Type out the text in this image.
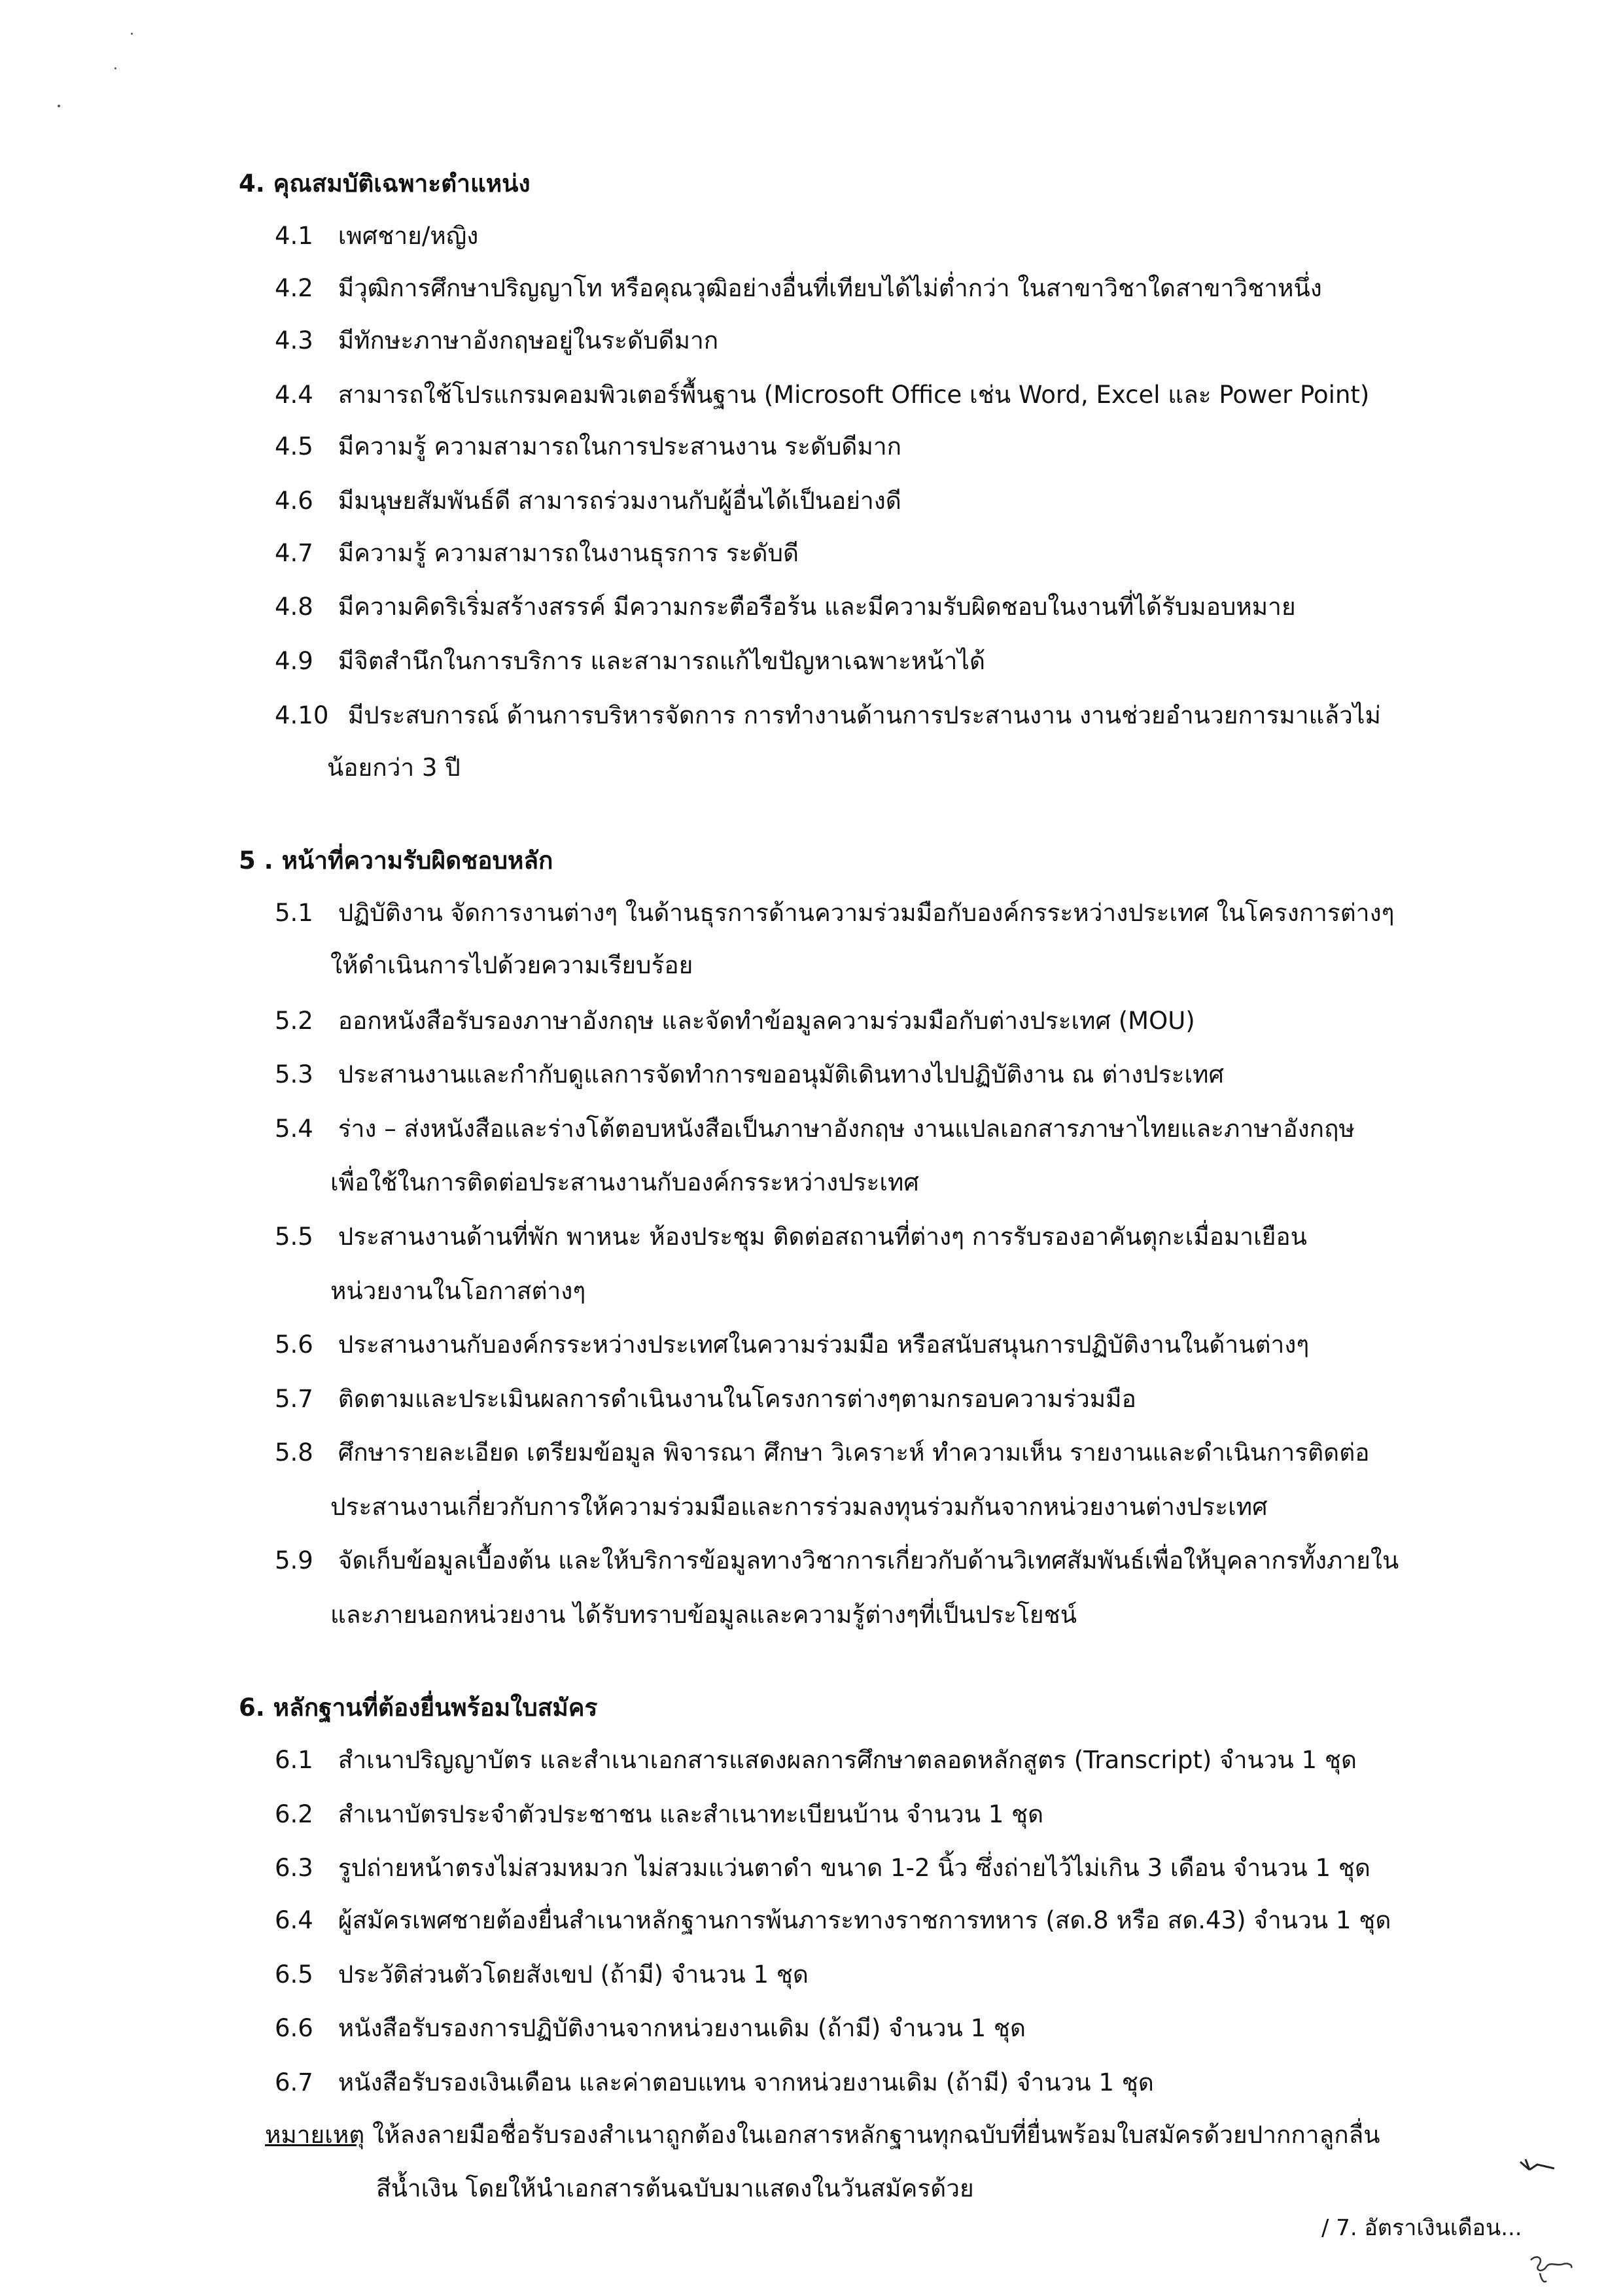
4. คุณสมบัติเฉพาะตำแหน่ง
4.1 เพศชาย/หญิง
4.2 มีวุฒิการศึกษาปริญญาโท หรือคุณวุฒิอย่างอื่นที่เทียบได้ไม่ต่ำกว่า ในสาขาวิชาใดสาขาวิชาหนึ่ง
4.3 มีทักษะภาษาอังกฤษอยู่ในระดับดีมาก
4.4 สามารถใช้โปรแกรมคอมพิวเตอร์พื้นฐาน (Microsoft Office เช่น Word, Excel และ Power Point)
4.5 มีความรู้ ความสามารถในการประสานงาน ระดับดีมาก
4.6 มีมนุษยสัมพันธ์ดี สามารถร่วมงานกับผู้อื่นได้เป็นอย่างดี
4.7 มีความรู้ ความสามารถในงานธุรการ ระดับดี
4.8 มีความคิดริเริ่มสร้างสรรค์ มีความกระตือรือร้น และมีความรับผิดชอบในงานที่ได้รับมอบหมาย
4.9 มีจิตสำนึกในการบริการ และสามารถแก้ไขปัญหาเฉพาะหน้าได้
4.10 มีประสบการณ์ ด้านการบริหารจัดการ การทำงานด้านการประสานงาน งานช่วยอำนวยการมาแล้วไม่
น้อยกว่า 3 ปี
5 . หน้าที่ความรับผิดชอบหลัก
5.1 ปฏิบัติงาน จัดการงานต่างๆ ในด้านธุรการด้านความร่วมมือกับองค์กรระหว่างประเทศ ในโครงการต่างๆ
ให้ดำเนินการไปด้วยความเรียบร้อย
5.2 ออกหนังสือรับรองภาษาอังกฤษ และจัดทำข้อมูลความร่วมมือกับต่างประเทศ (MOU)
5.3 ประสานงานและกำกับดูแลการจัดทำการขออนุมัติเดินทางไปปฏิบัติงาน ณ ต่างประเทศ
5.4 ร่าง – ส่งหนังสือและร่างโต้ตอบหนังสือเป็นภาษาอังกฤษ งานแปลเอกสารภาษาไทยและภาษาอังกฤษ
เพื่อใช้ในการติดต่อประสานงานกับองค์กรระหว่างประเทศ
5.5 ประสานงานด้านที่พัก พาหนะ ห้องประชุม ติดต่อสถานที่ต่างๆ การรับรองอาคันตุกะเมื่อมาเยือน
หน่วยงานในโอกาสต่างๆ
5.6 ประสานงานกับองค์กรระหว่างประเทศในความร่วมมือ หรือสนับสนุนการปฏิบัติงานในด้านต่างๆ
5.7 ติดตามและประเมินผลการดำเนินงานในโครงการต่างๆตามกรอบความร่วมมือ
5.8 ศึกษารายละเอียด เตรียมข้อมูล พิจารณา ศึกษา วิเคราะห์ ทำความเห็น รายงานและดำเนินการติดต่อ
ประสานงานเกี่ยวกับการให้ความร่วมมือและการร่วมลงทุนร่วมกันจากหน่วยงานต่างประเทศ
5.9 จัดเก็บข้อมูลเบื้องต้น และให้บริการข้อมูลทางวิชาการเกี่ยวกับด้านวิเทศสัมพันธ์เพื่อให้บุคลากรทั้งภายใน
และภายนอกหน่วยงาน ได้รับทราบข้อมูลและความรู้ต่างๆที่เป็นประโยชน์
6. หลักฐานที่ต้องยื่นพร้อมใบสมัคร
6.1 สำเนาปริญญาบัตร และสำเนาเอกสารแสดงผลการศึกษาตลอดหลักสูตร (Transcript) จำนวน 1 ชุด
6.2 สำเนาบัตรประจำตัวประชาชน และสำเนาทะเบียนบ้าน จำนวน 1 ชุด
6.3 รูปถ่ายหน้าตรงไม่สวมหมวก ไม่สวมแว่นตาดำ ขนาด 1-2 นิ้ว ซึ่งถ่ายไว้ไม่เกิน 3 เดือน จำนวน 1 ชุด
6.4 ผู้สมัครเพศชายต้องยื่นสำเนาหลักฐานการพ้นภาระทางราชการทหาร (สด.8 หรือ สด.43) จำนวน 1 ชุด
6.5 ประวัติส่วนตัวโดยสังเขป (ถ้ามี) จำนวน 1 ชุด
6.6 หนังสือรับรองการปฏิบัติงานจากหน่วยงานเดิม (ถ้ามี) จำนวน 1 ชุด
6.7 หนังสือรับรองเงินเดือน และค่าตอบแทน จากหน่วยงานเดิม (ถ้ามี) จำนวน 1 ชุด
หมายเหตุ ให้ลงลายมือชื่อรับรองสำเนาถูกต้องในเอกสารหลักฐานทุกฉบับที่ยื่นพร้อมใบสมัครด้วยปากกาลูกลื่น
สีน้ำเงิน โดยให้นำเอกสารต้นฉบับมาแสดงในวันสมัครด้วย
/ 7. อัตราเงินเดือน...
